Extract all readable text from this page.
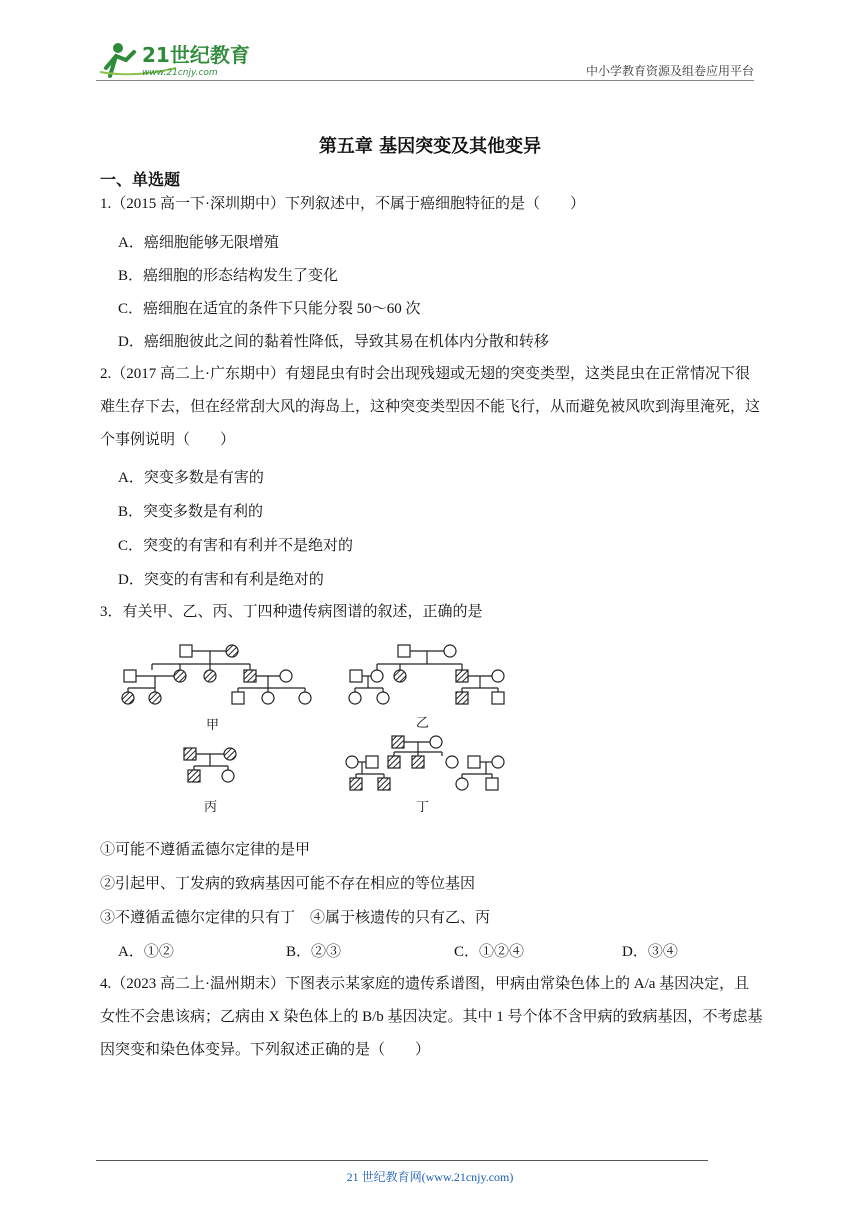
21世纪教育
www.21cnjy.com	中小学教育资源及组卷应用平台
第五章 基因突变及其他变异
一、单选题
1.（2015 高一下·深圳期中）下列叙述中，不属于癌细胞特征的是（　　）
A．癌细胞能够无限增殖
B．癌细胞的形态结构发生了变化
C．癌细胞在适宜的条件下只能分裂 50～60 次
D．癌细胞彼此之间的黏着性降低，导致其易在机体内分散和转移
2.（2017 高二上·广东期中）有翅昆虫有时会出现残翅或无翅的突变类型，这类昆虫在正常情况下很难生存下去，但在经常刮大风的海岛上，这种突变类型因不能飞行，从而避免被风吹到海里淹死，这个事例说明（　　）
A．突变多数是有害的
B．突变多数是有利的
C．突变的有害和有利并不是绝对的
D．突变的有害和有利是绝对的
3．有关甲、乙、丙、丁四种遗传病图谱的叙述，正确的是
甲	乙
丙	丁
①可能不遵循孟德尔定律的是甲
②引起甲、丁发病的致病基因可能不存在相应的等位基因
③不遵循孟德尔定律的只有丁　④属于核遗传的只有乙、丙
A．①②	B．②③	C．①②④	D．③④
4.（2023 高二上·温州期末）下图表示某家庭的遗传系谱图，甲病由常染色体上的 A/a 基因决定，且女性不会患该病；乙病由 X 染色体上的 B/b 基因决定。其中 1 号个体不含甲病的致病基因，不考虑基因突变和染色体变异。下列叙述正确的是（　　）
21 世纪教育网(www.21cnjy.com)
